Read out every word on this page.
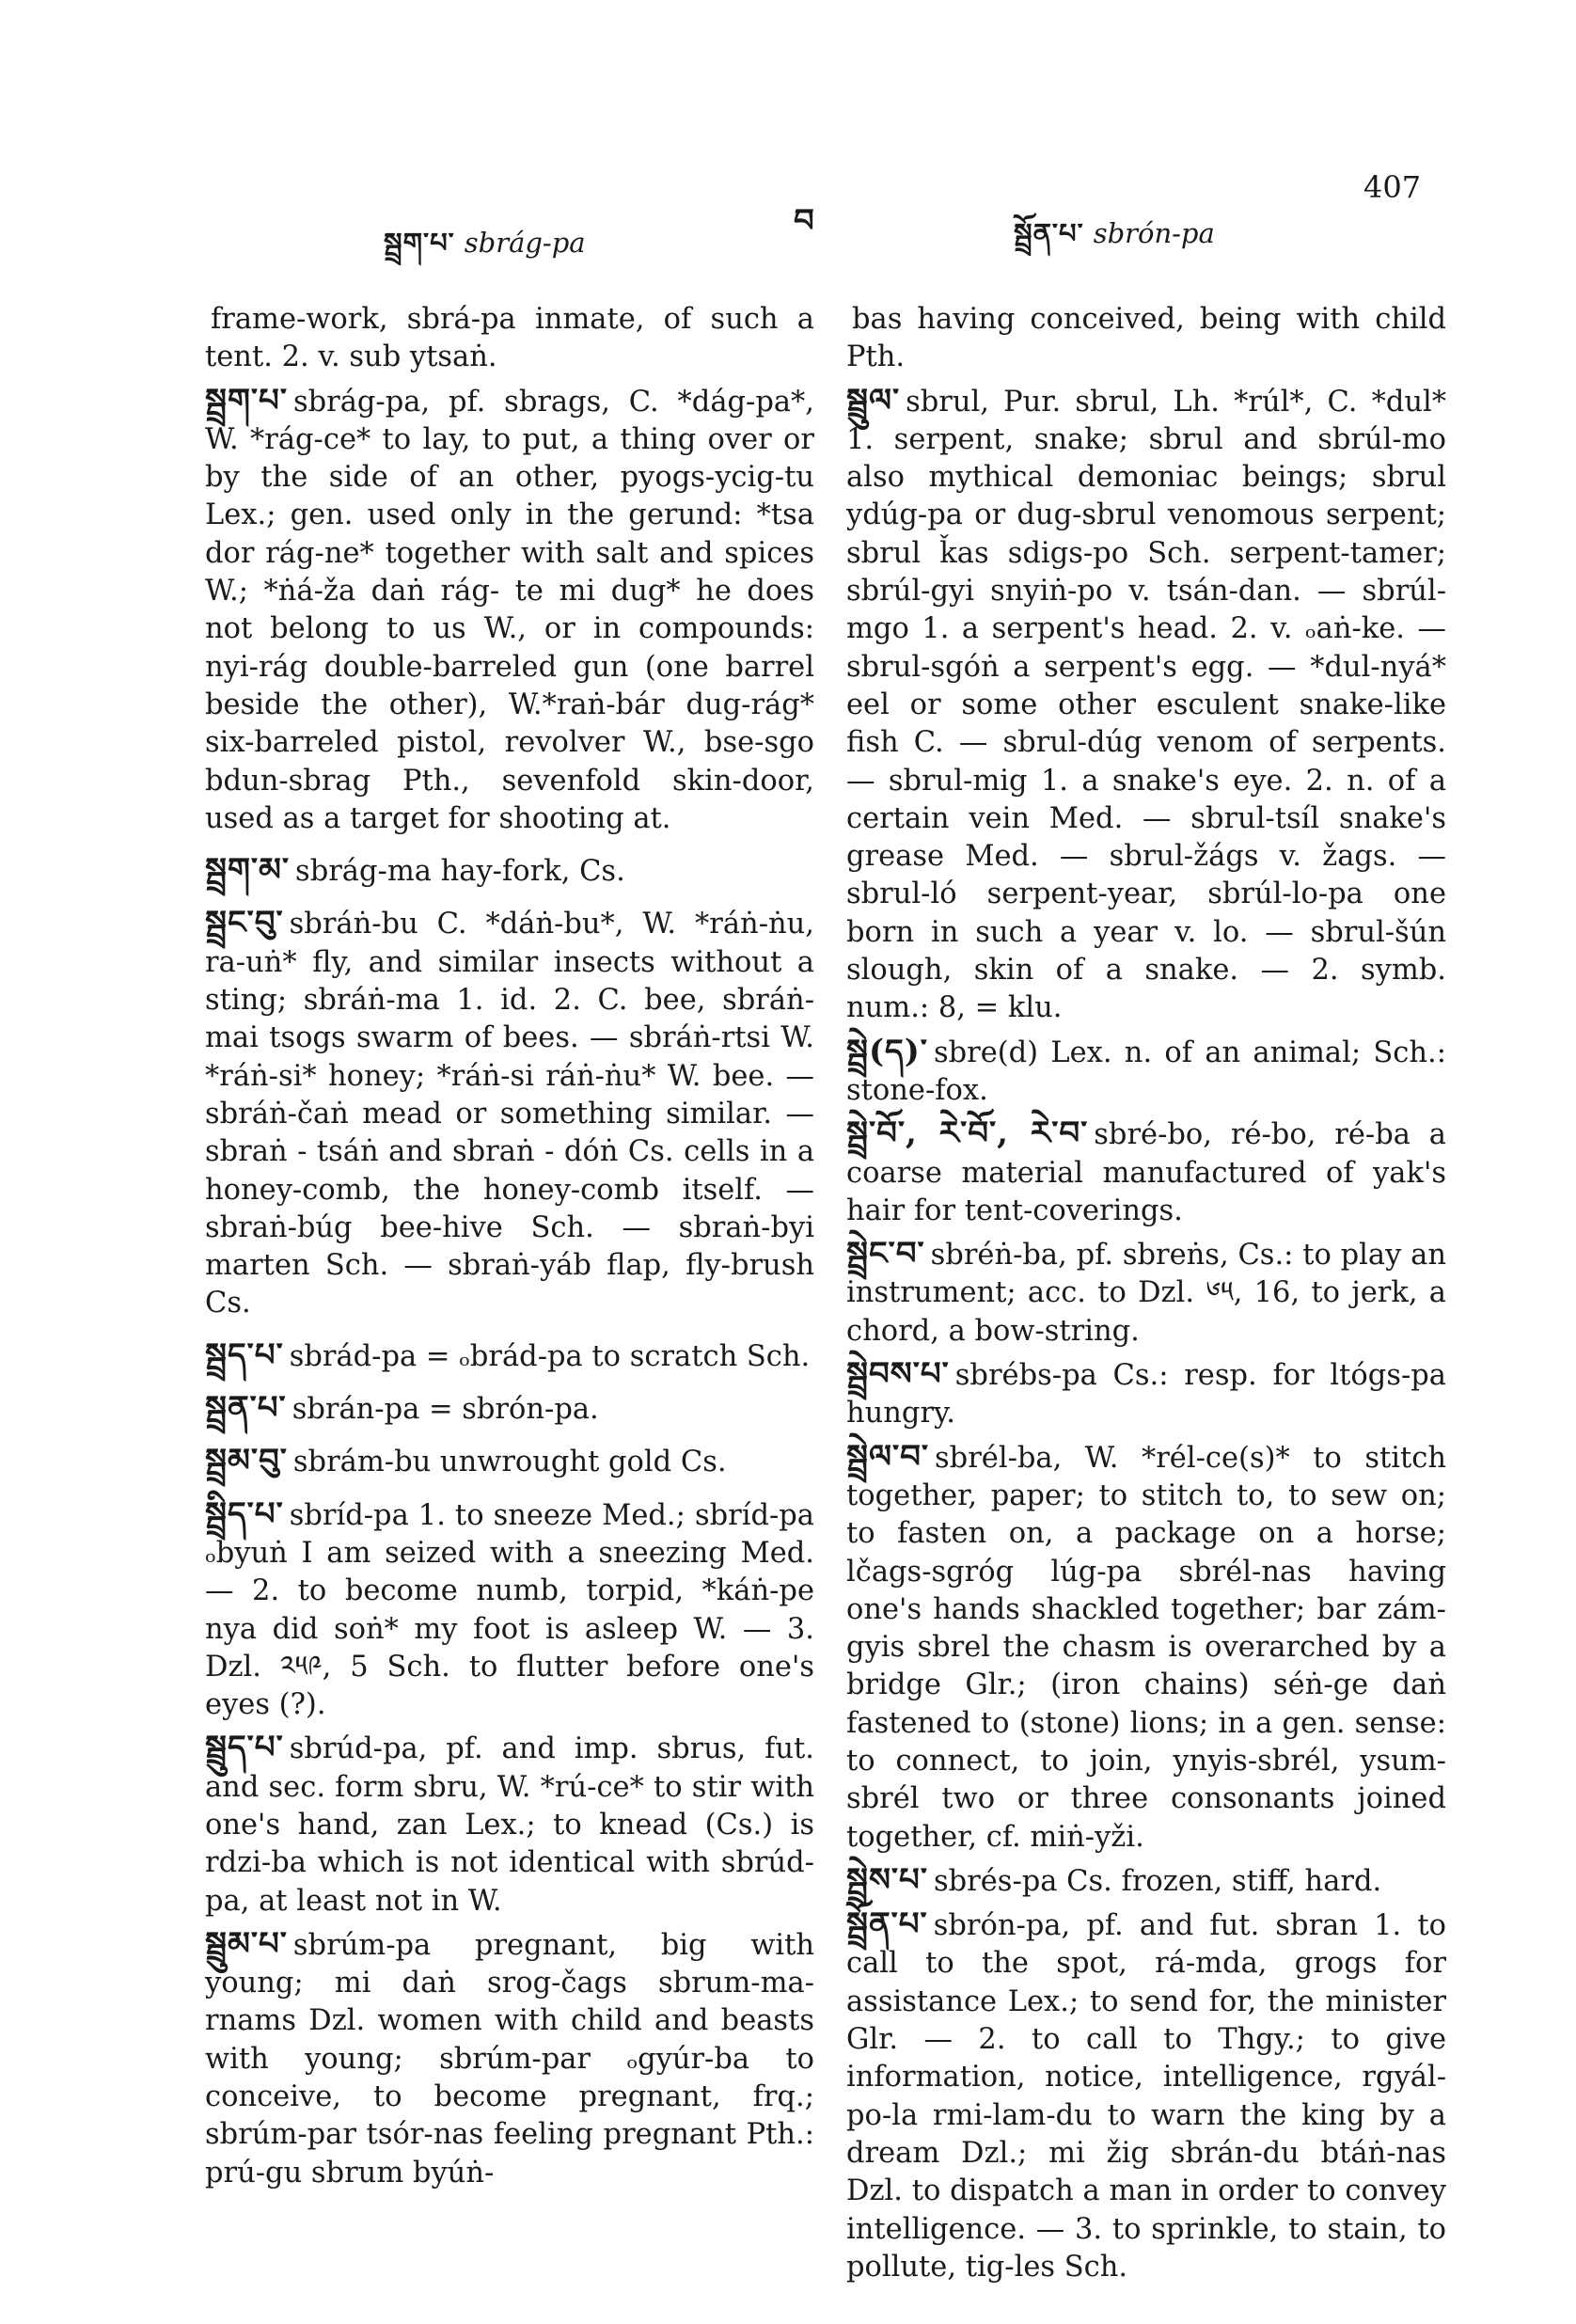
སྦྲག་པ་ sbrág-pa
བ	སྦྲོན་པ་ sbrón-pa
407

frame-work, sbrá-pa inmate, of such a tent. 2. v. sub ytsaṅ.

སྦྲག་པ་ sbrág-pa, pf. sbrags, C. *dág-pa*, W. *rág-ce* to lay, to put, a thing over or by the side of an other, pyogs-ycig-tu Lex.; gen. used only in the gerund: *tsa dor rág-ne* together with salt and spices W.; *ṅá-ža daṅ rág- te mi dug* he does not belong to us W., or in compounds: nyi-rág double-barreled gun (one barrel beside the other), W.*raṅ-bár dug-rág* six-barreled pistol, revolver W., bse-sgo bdun-sbrag Pth., sevenfold skin-door, used as a target for shooting at.

སྦྲག་མ་ sbrág-ma hay-fork, Cs.

སྦྲང་བུ་ sbráṅ-bu C. *dáṅ-bu*, W. *ráṅ-ṅu, ra-uṅ* fly, and similar insects without a sting; sbráṅ-ma 1. id. 2. C. bee, sbráṅ-mai tsogs swarm of bees. — sbráṅ-rtsi W. *ráṅ-si* honey; *ráṅ-si ráṅ-ṅu* W. bee. — sbráṅ-čaṅ mead or something similar. — sbraṅ - tsáṅ and sbraṅ - dóṅ Cs. cells in a honey-comb, the honey-comb itself. — sbraṅ-búg bee-hive Sch. — sbraṅ-byi marten Sch. — sbraṅ-yáb flap, fly-brush Cs.

སྦྲད་པ་ sbrád-pa = ₒbrád-pa to scratch Sch.

སྦྲན་པ་ sbrán-pa = sbrón-pa.

སྦྲམ་བུ་ sbrám-bu unwrought gold Cs.

སྦྲིད་པ་ sbríd-pa 1. to sneeze Med.; sbríd-pa ₒbyuṅ I am seized with a sneezing Med. — 2. to become numb, torpid, *káṅ-pe nya did soṅ* my foot is asleep W. — 3. Dzl. ༢༥༩, 5 Sch. to flutter before one's eyes (?).

སྦྲུད་པ་ sbrúd-pa, pf. and imp. sbrus, fut. and sec. form sbru, W. *rú-ce* to stir with one's hand, zan Lex.; to knead (Cs.) is rdzi-ba which is not identical with sbrúd-pa, at least not in W.

སྦྲུམ་པ་ sbrúm-pa pregnant, big with young; mi daṅ srog-čags sbrum-ma-rnams Dzl. women with child and beasts with young; sbrúm-par ₒgyúr-ba to conceive, to become pregnant, frq.; sbrúm-par tsór-nas feeling pregnant Pth.: prú-gu sbrum byúṅ-

bas having conceived, being with child Pth.

སྦྲུལ་ sbrul, Pur. sbrul, Lh. *rúl*, C. *dul* 1. serpent, snake; sbrul and sbrúl-mo also mythical demoniac beings; sbrul ydúg-pa or dug-sbrul venomous serpent; sbrul ǩas sdigs-po Sch. serpent-tamer; sbrúl-gyi snyiṅ-po v. tsán-dan. — sbrúl-mgo 1. a serpent's head. 2. v. ₒaṅ-ke. — sbrul-sgóṅ a serpent's egg. — *dul-nyá* eel or some other esculent snake-like fish C. — sbrul-dúg venom of serpents. — sbrul-mig 1. a snake's eye. 2. n. of a certain vein Med. — sbrul-tsíl snake's grease Med. — sbrul-žágs v. žags. — sbrul-ló serpent-year, sbrúl-lo-pa one born in such a year v. lo. — sbrul-šún slough, skin of a snake. — 2. symb. num.: 8, = klu.

སྦྲེ(ད)་ sbre(d) Lex. n. of an animal; Sch.: stone-fox.

སྦྲེ་བོ་, རེ་བོ་, རེ་བ་ sbré-bo, ré-bo, ré-ba a coarse material manufactured of yak's hair for tent-coverings.

སྦྲེང་བ་ sbréṅ-ba, pf. sbreṅs, Cs.: to play an instrument; acc. to Dzl. ༦༥, 16, to jerk, a chord, a bow-string.

སྦྲེབས་པ་ sbrébs-pa Cs.: resp. for ltógs-pa hungry.

སྦྲེལ་བ་ sbrél-ba, W. *rél-ce(s)* to stitch together, paper; to stitch to, to sew on; to fasten on, a package on a horse; lčags-sgróg lúg-pa sbrél-nas having one's hands shackled together; bar zám-gyis sbrel the chasm is overarched by a bridge Glr.; (iron chains) séṅ-ge daṅ fastened to (stone) lions; in a gen. sense: to connect, to join, ynyis-sbrél, ysum-sbrél two or three consonants joined together, cf. miṅ-yži.

སྦྲེས་པ་ sbrés-pa Cs. frozen, stiff, hard.

སྦྲོན་པ་ sbrón-pa, pf. and fut. sbran 1. to call to the spot, rá-mda, grogs for assistance Lex.; to send for, the minister Glr. — 2. to call to Thgy.; to give information, notice, intelligence, rgyál-po-la rmi-lam-du to warn the king by a dream Dzl.; mi žig sbrán-du btáṅ-nas Dzl. to dispatch a man in order to convey intelligence. — 3. to sprinkle, to stain, to pollute, tig-les Sch.
